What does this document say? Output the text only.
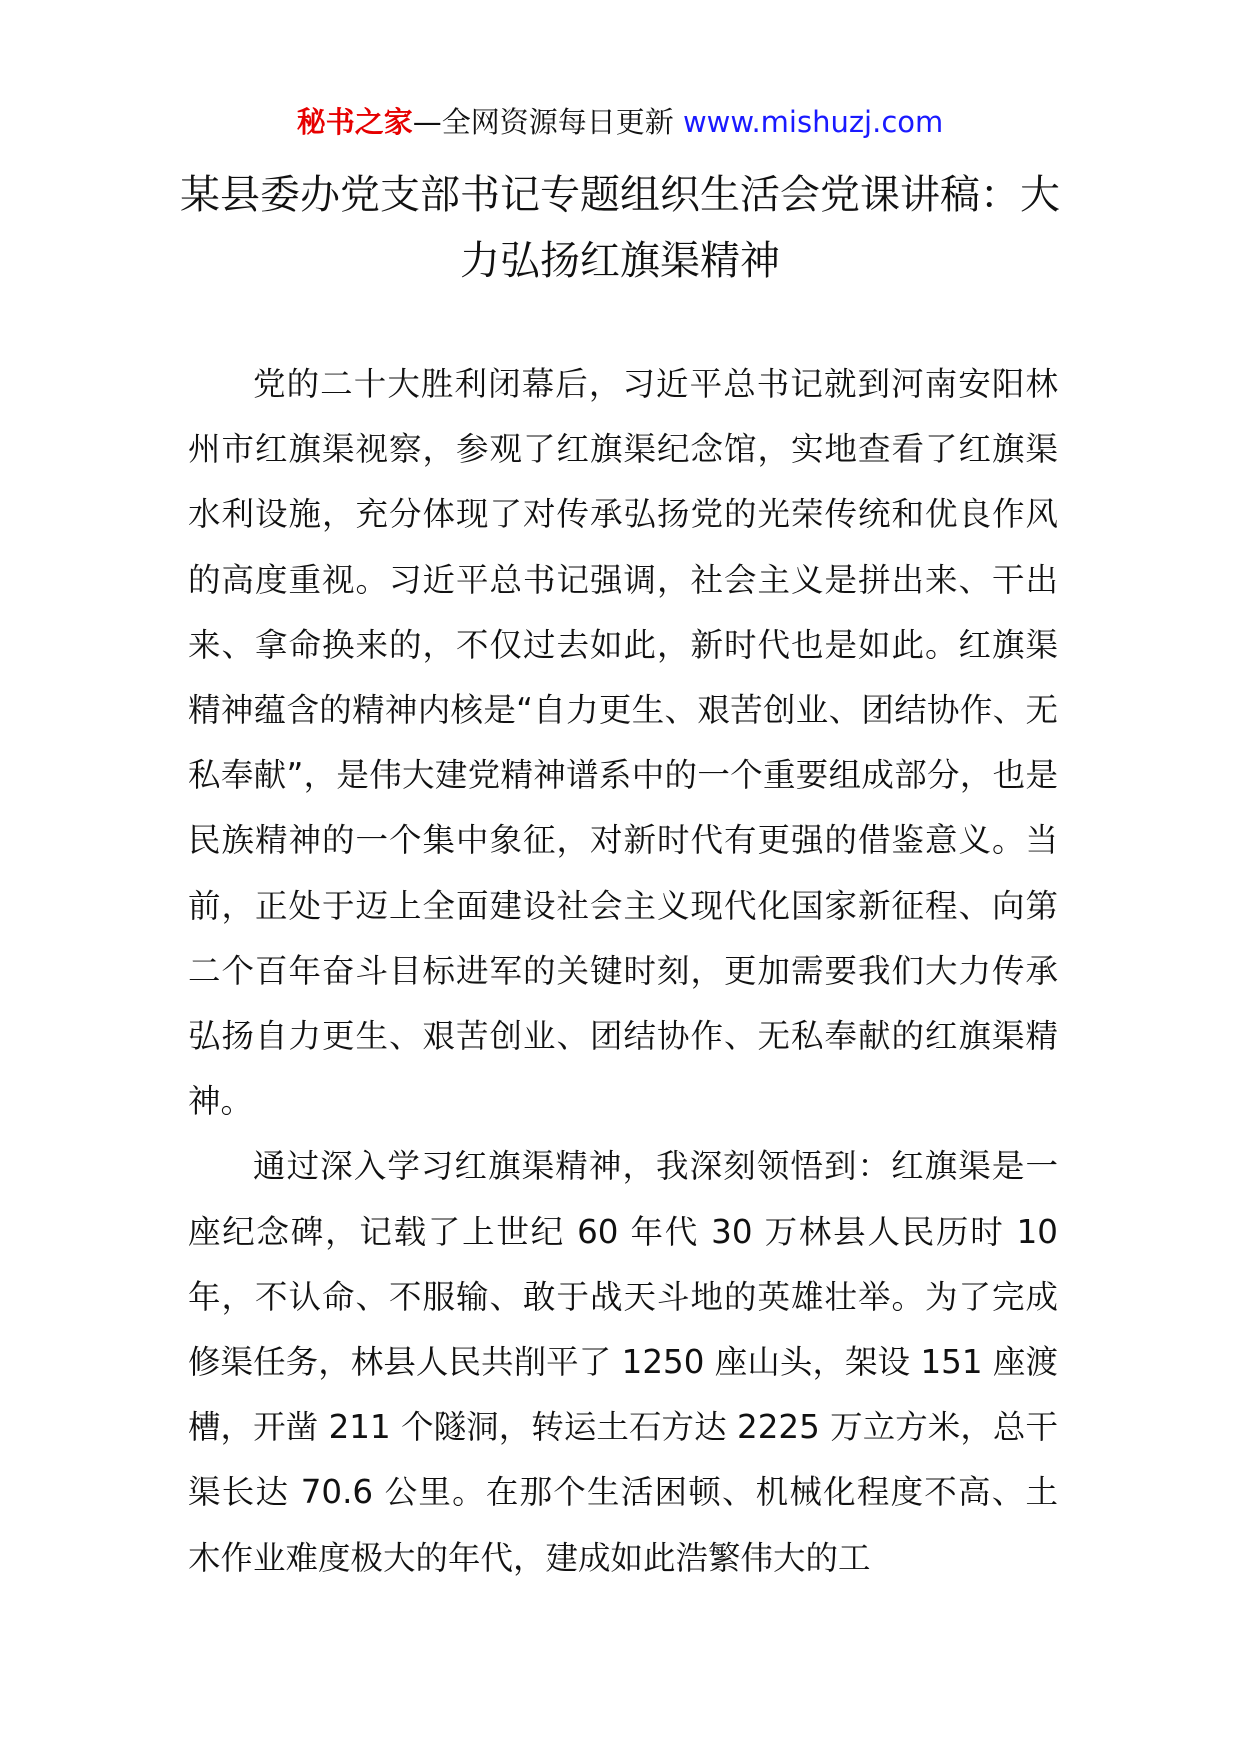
秘书之家—全网资源每日更新 www.mishuzj.com
某县委办党支部书记专题组织生活会党课讲稿：大力弘扬红旗渠精神

党的二十大胜利闭幕后，习近平总书记就到河南安阳林州市红旗渠视察，参观了红旗渠纪念馆，实地查看了红旗渠水利设施，充分体现了对传承弘扬党的光荣传统和优良作风的高度重视。习近平总书记强调，社会主义是拼出来、干出来、拿命换来的，不仅过去如此，新时代也是如此。红旗渠精神蕴含的精神内核是“自力更生、艰苦创业、团结协作、无私奉献”，是伟大建党精神谱系中的一个重要组成部分，也是民族精神的一个集中象征，对新时代有更强的借鉴意义。当前，正处于迈上全面建设社会主义现代化国家新征程、向第二个百年奋斗目标进军的关键时刻，更加需要我们大力传承弘扬自力更生、艰苦创业、团结协作、无私奉献的红旗渠精神。

通过深入学习红旗渠精神，我深刻领悟到：红旗渠是一座纪念碑，记载了上世纪 60 年代 30 万林县人民历时 10 年，不认命、不服输、敢于战天斗地的英雄壮举。为了完成修渠任务，林县人民共削平了 1250 座山头，架设 151 座渡槽，开凿 211 个隧洞，转运土石方达 2225 万立方米，总干渠长达 70.6 公里。在那个生活困顿、机械化程度不高、土木作业难度极大的年代，建成如此浩繁伟大的工
